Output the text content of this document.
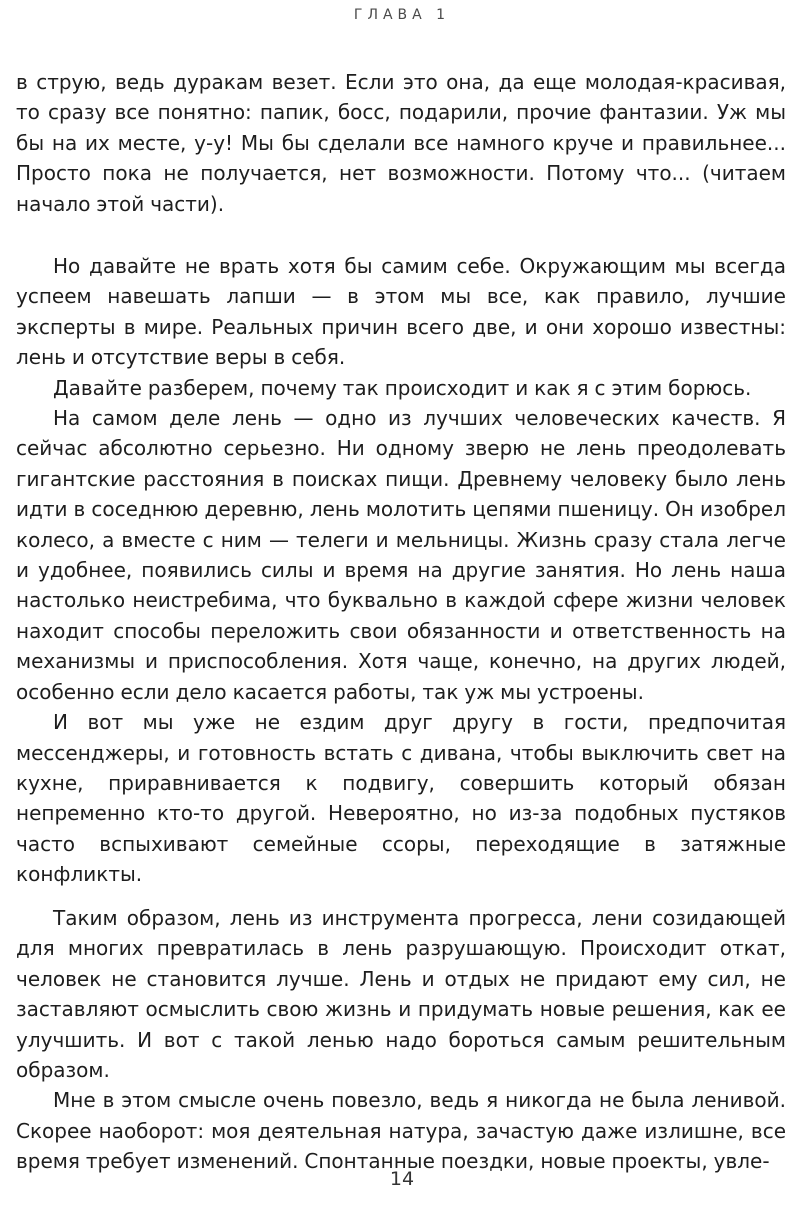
ГЛАВА 1

в струю, ведь дуракам везет. Если это она, да еще молодая-красивая, то сразу все понятно: папик, босс, подарили, прочие фантазии. Уж мы бы на их месте, у-у! Мы бы сделали все намного круче и правильнее... Просто пока не получается, нет возможности. Потому что... (читаем начало этой части).

Но давайте не врать хотя бы самим себе. Окружающим мы всегда успеем навешать лапши — в этом мы все, как правило, лучшие эксперты в мире. Реальных причин всего две, и они хорошо известны: лень и отсутствие веры в себя.

Давайте разберем, почему так происходит и как я с этим борюсь.

На самом деле лень — одно из лучших человеческих качеств. Я сейчас абсолютно серьезно. Ни одному зверю не лень преодолевать гигантские расстояния в поисках пищи. Древнему человеку было лень идти в соседнюю деревню, лень молотить цепями пшеницу. Он изобрел колесо, а вместе с ним — телеги и мельницы. Жизнь сразу стала легче и удобнее, появились силы и время на другие занятия. Но лень наша настолько неистребима, что буквально в каждой сфере жизни человек находит способы переложить свои обязанности и ответственность на механизмы и приспособления. Хотя чаще, конечно, на других людей, особенно если дело касается работы, так уж мы устроены.

И вот мы уже не ездим друг другу в гости, предпочитая мессенджеры, и готовность встать с дивана, чтобы выключить свет на кухне, приравнивается к подвигу, совершить который обязан непременно кто-то другой. Невероятно, но из-за подобных пустяков часто вспыхивают семейные ссоры, переходящие в затяжные конфликты.

Таким образом, лень из инструмента прогресса, лени созидающей для многих превратилась в лень разрушающую. Происходит откат, человек не становится лучше. Лень и отдых не придают ему сил, не заставляют осмыслить свою жизнь и придумать новые решения, как ее улучшить. И вот с такой ленью надо бороться самым решительным образом.

Мне в этом смысле очень повезло, ведь я никогда не была ленивой. Скорее наоборот: моя деятельная натура, зачастую даже излишне, все время требует изменений. Спонтанные поездки, новые проекты, увле-

14
